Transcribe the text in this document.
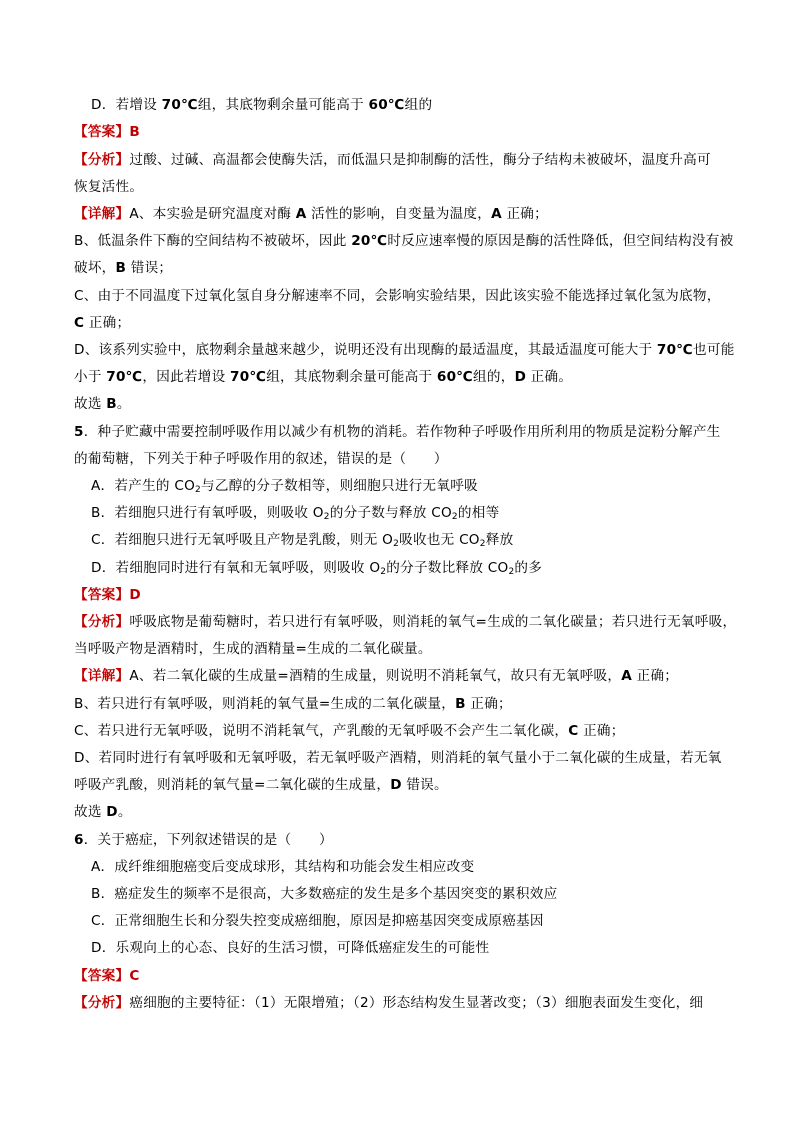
D．若增设 70℃组，其底物剩余量可能高于 60℃组的
【答案】B
【分析】过酸、过碱、高温都会使酶失活，而低温只是抑制酶的活性，酶分子结构未被破坏，温度升高可
恢复活性。
【详解】A、本实验是研究温度对酶 A 活性的影响，自变量为温度，A 正确；
B、低温条件下酶的空间结构不被破坏，因此 20℃时反应速率慢的原因是酶的活性降低，但空间结构没有被
破坏，B 错误；
C、由于不同温度下过氧化氢自身分解速率不同，会影响实验结果，因此该实验不能选择过氧化氢为底物，
C 正确；
D、该系列实验中，底物剩余量越来越少，说明还没有出现酶的最适温度，其最适温度可能大于 70℃也可能
小于 70℃，因此若增设 70℃组，其底物剩余量可能高于 60℃组的，D 正确。
故选 B。
5．种子贮藏中需要控制呼吸作用以减少有机物的消耗。若作物种子呼吸作用所利用的物质是淀粉分解产生
的葡萄糖，下列关于种子呼吸作用的叙述，错误的是（　　）
A．若产生的 $CO_2$与乙醇的分子数相等，则细胞只进行无氧呼吸
B．若细胞只进行有氧呼吸，则吸收 $O_2$的分子数与释放 $CO_2$的相等
C．若细胞只进行无氧呼吸且产物是乳酸，则无 $O_2$吸收也无 $CO_2$释放
D．若细胞同时进行有氧和无氧呼吸，则吸收 $O_2$的分子数比释放 $CO_2$的多
【答案】D
【分析】呼吸底物是葡萄糖时，若只进行有氧呼吸，则消耗的氧气=生成的二氧化碳量；若只进行无氧呼吸，
当呼吸产物是酒精时，生成的酒精量=生成的二氧化碳量。
【详解】A、若二氧化碳的生成量=酒精的生成量，则说明不消耗氧气，故只有无氧呼吸，A 正确；
B、若只进行有氧呼吸，则消耗的氧气量=生成的二氧化碳量，B 正确；
C、若只进行无氧呼吸，说明不消耗氧气，产乳酸的无氧呼吸不会产生二氧化碳，C 正确；
D、若同时进行有氧呼吸和无氧呼吸，若无氧呼吸产酒精，则消耗的氧气量小于二氧化碳的生成量，若无氧
呼吸产乳酸，则消耗的氧气量=二氧化碳的生成量，D 错误。
故选 D。
6．关于癌症，下列叙述错误的是（　　）
A．成纤维细胞癌变后变成球形，其结构和功能会发生相应改变
B．癌症发生的频率不是很高，大多数癌症的发生是多个基因突变的累积效应
C．正常细胞生长和分裂失控变成癌细胞，原因是抑癌基因突变成原癌基因
D．乐观向上的心态、良好的生活习惯，可降低癌症发生的可能性
【答案】C
【分析】癌细胞的主要特征：（1）无限增殖；（2）形态结构发生显著改变；（3）细胞表面发生变化，细
